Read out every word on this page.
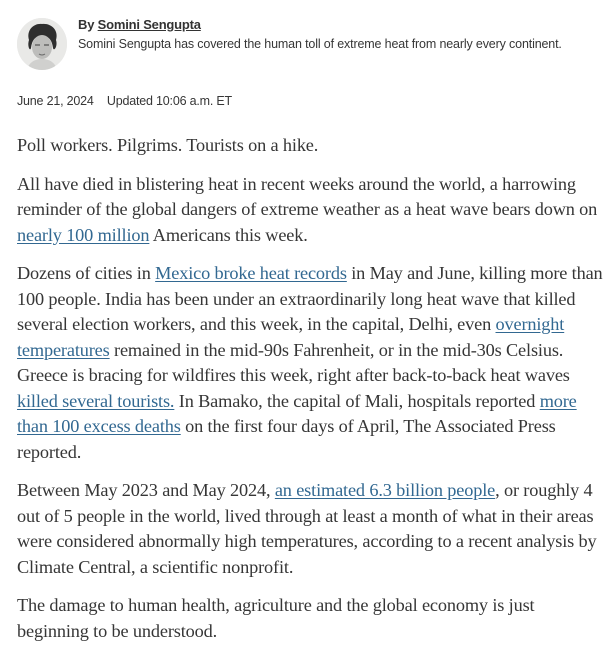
By Somini Sengupta
Somini Sengupta has covered the human toll of extreme heat from nearly every continent.
June 21, 2024 Updated 10:06 a.m. ET

Poll workers. Pilgrims. Tourists on a hike.

All have died in blistering heat in recent weeks around the world, a harrowing reminder of the global dangers of extreme weather as a heat wave bears down on nearly 100 million Americans this week.

Dozens of cities in Mexico broke heat records in May and June, killing more than 100 people. India has been under an extraordinarily long heat wave that killed several election workers, and this week, in the capital, Delhi, even overnight temperatures remained in the mid-90s Fahrenheit, or in the mid-30s Celsius. Greece is bracing for wildfires this week, right after back-to-back heat waves killed several tourists. In Bamako, the capital of Mali, hospitals reported more than 100 excess deaths on the first four days of April, The Associated Press reported.

Between May 2023 and May 2024, an estimated 6.3 billion people, or roughly 4 out of 5 people in the world, lived through at least a month of what in their areas were considered abnormally high temperatures, according to a recent analysis by Climate Central, a scientific nonprofit.

The damage to human health, agriculture and the global economy is just beginning to be understood.
